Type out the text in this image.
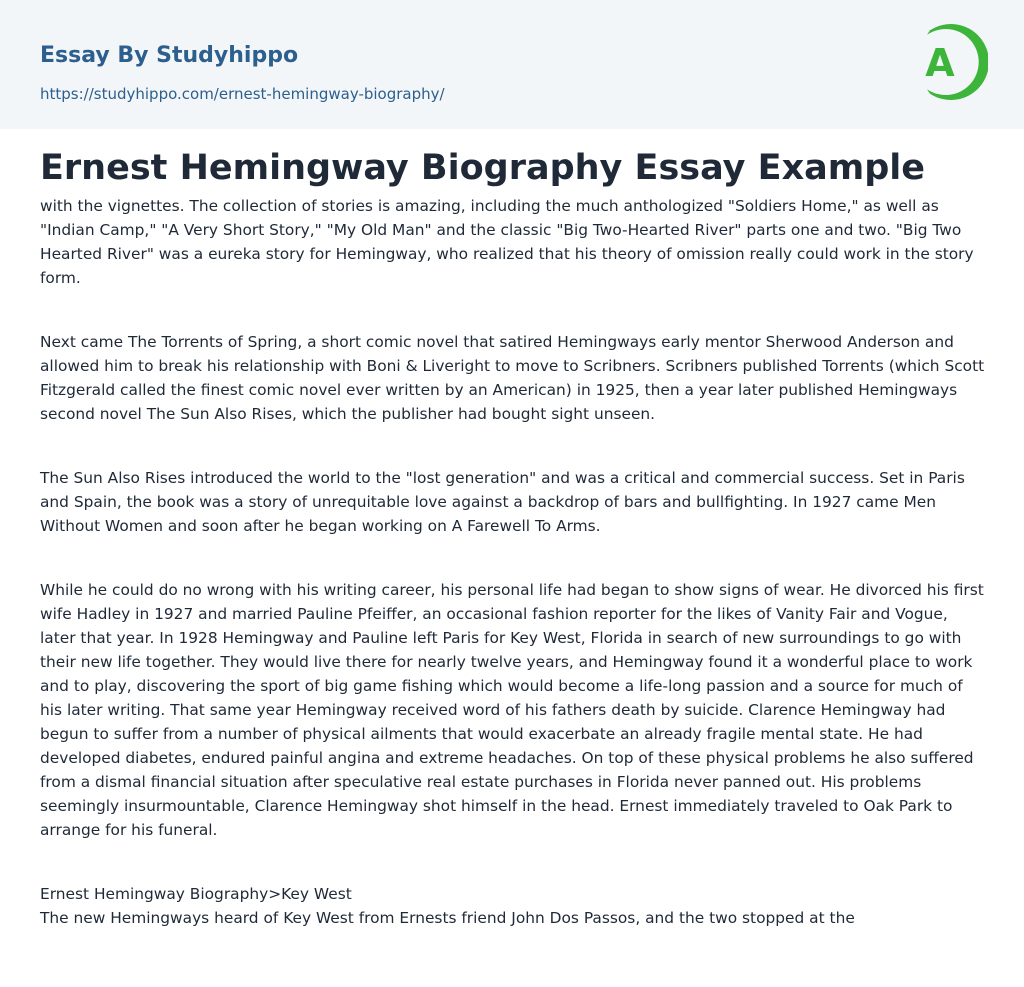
Essay By Studyhippo
https://studyhippo.com/ernest-hemingway-biography/
A
Ernest Hemingway Biography Essay Example

with the vignettes. The collection of stories is amazing, including the much anthologized "Soldiers Home," as well as "Indian Camp," "A Very Short Story," "My Old Man" and the classic "Big Two-Hearted River" parts one and two. "Big Two Hearted River" was a eureka story for Hemingway, who realized that his theory of omission really could work in the story form.

Next came The Torrents of Spring, a short comic novel that satired Hemingways early mentor Sherwood Anderson and allowed him to break his relationship with Boni & Liveright to move to Scribners. Scribners published Torrents (which Scott Fitzgerald called the finest comic novel ever written by an American) in 1925, then a year later published Hemingways second novel The Sun Also Rises, which the publisher had bought sight unseen.

The Sun Also Rises introduced the world to the "lost generation" and was a critical and commercial success. Set in Paris and Spain, the book was a story of unrequitable love against a backdrop of bars and bullfighting. In 1927 came Men Without Women and soon after he began working on A Farewell To Arms.

While he could do no wrong with his writing career, his personal life had began to show signs of wear. He divorced his first wife Hadley in 1927 and married Pauline Pfeiffer, an occasional fashion reporter for the likes of Vanity Fair and Vogue, later that year. In 1928 Hemingway and Pauline left Paris for Key West, Florida in search of new surroundings to go with their new life together. They would live there for nearly twelve years, and Hemingway found it a wonderful place to work and to play, discovering the sport of big game fishing which would become a life-long passion and a source for much of his later writing. That same year Hemingway received word of his fathers death by suicide. Clarence Hemingway had begun to suffer from a number of physical ailments that would exacerbate an already fragile mental state. He had developed diabetes, endured painful angina and extreme headaches. On top of these physical problems he also suffered from a dismal financial situation after speculative real estate purchases in Florida never panned out. His problems seemingly insurmountable, Clarence Hemingway shot himself in the head. Ernest immediately traveled to Oak Park to arrange for his funeral.

Ernest Hemingway Biography>Key West
The new Hemingways heard of Key West from Ernests friend John Dos Passos, and the two stopped at the
